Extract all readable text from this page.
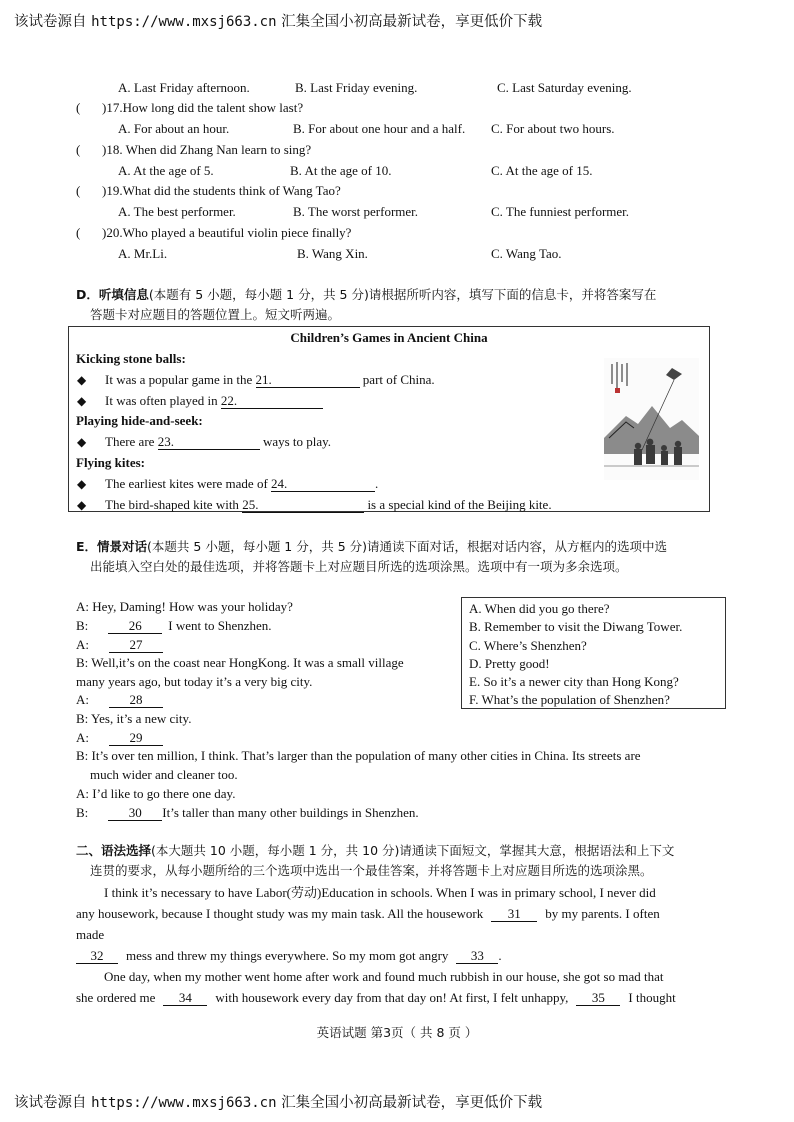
该试卷源自 https://www.mxsj663.cn 汇集全国小初高最新试卷，享更低价下载
A. Last Friday afternoon.	B. Last Friday evening.	C. Last Saturday evening.
( )17.How long did the talent show last?
A. For about an hour.	B. For about one hour and a half. C. For about two hours.
( )18. When did Zhang Nan learn to sing?
A. At the age of 5.	B. At the age of 10.	C. At the age of 15.
( )19.What did the students think of Wang Tao?
A. The best performer.	B. The worst performer.	C. The funniest performer.
( )20.Who played a beautiful violin piece finally?
A. Mr.Li.	B. Wang Xin.	C. Wang Tao.
D．听填信息(本题有 5 小题，每小题 1 分，共 5 分)请根据所听内容，填写下面的信息卡，并将答案写在
答题卡对应题目的答题位置上。短文听两遍。
Children’s Games in Ancient China
Kicking stone balls:
◆ It was a popular game in the 21.	part of China.
◆ It was often played in 22.
Playing hide-and-seek:
◆ There are 23.	ways to play.
Flying kites:
◆ The earliest kites were made of 24.	.
◆ The bird-shaped kite with 25.	is a special kind of the Beijing kite.
E．情景对话(本题共 5 小题，每小题 1 分，共 5 分)请通读下面对话，根据对话内容，从方框内的选项中选
出能填入空白处的最佳选项，并将答题卡上对应题目所选的选项涂黑。选项中有一项为多余选项。
A: Hey, Daming! How was your holiday?
B:	26 I went to Shenzhen.
A:	27
B: Well,it’s on the coast near HongKong. It was a small village
many years ago, but today it’s a very big city.
A:	28
B: Yes, it’s a new city.
A:	29
B: It’s over ten million, I think. That’s larger than the population of many other cities in China. Its streets are
much wider and cleaner too.
A: I’d like to go there one day.
B:	30 It’s taller than many other buildings in Shenzhen.
A. When did you go there?
B. Remember to visit the Diwang Tower.
C. Where’s Shenzhen?
D. Pretty good!
E. So it’s a newer city than Hong Kong?
F. What’s the population of Shenzhen?
二、语法选择(本大题共 10 小题，每小题 1 分，共 10 分)请通读下面短文，掌握其大意，根据语法和上下文
连贯的要求，从每小题所给的三个选项中选出一个最佳答案，并将答题卡上对应题目所选的选项涂黑。
I think it’s necessary to have Labor(劳动)Education in schools. When I was in primary school, I never did
any housework, because I thought study was my main task. All the housework 31 by my parents. I often
made
32 mess and threw my things everywhere. So my mom got angry 33 .
One day, when my mother went home after work and found much rubbish in our house, she got so mad that
she ordered me 34 with housework every day from that day on! At first, I felt unhappy, 35 I thought
英语试题 第3页（ 共 8 页 ）
该试卷源自 https://www.mxsj663.cn 汇集全国小初高最新试卷，享更低价下载
